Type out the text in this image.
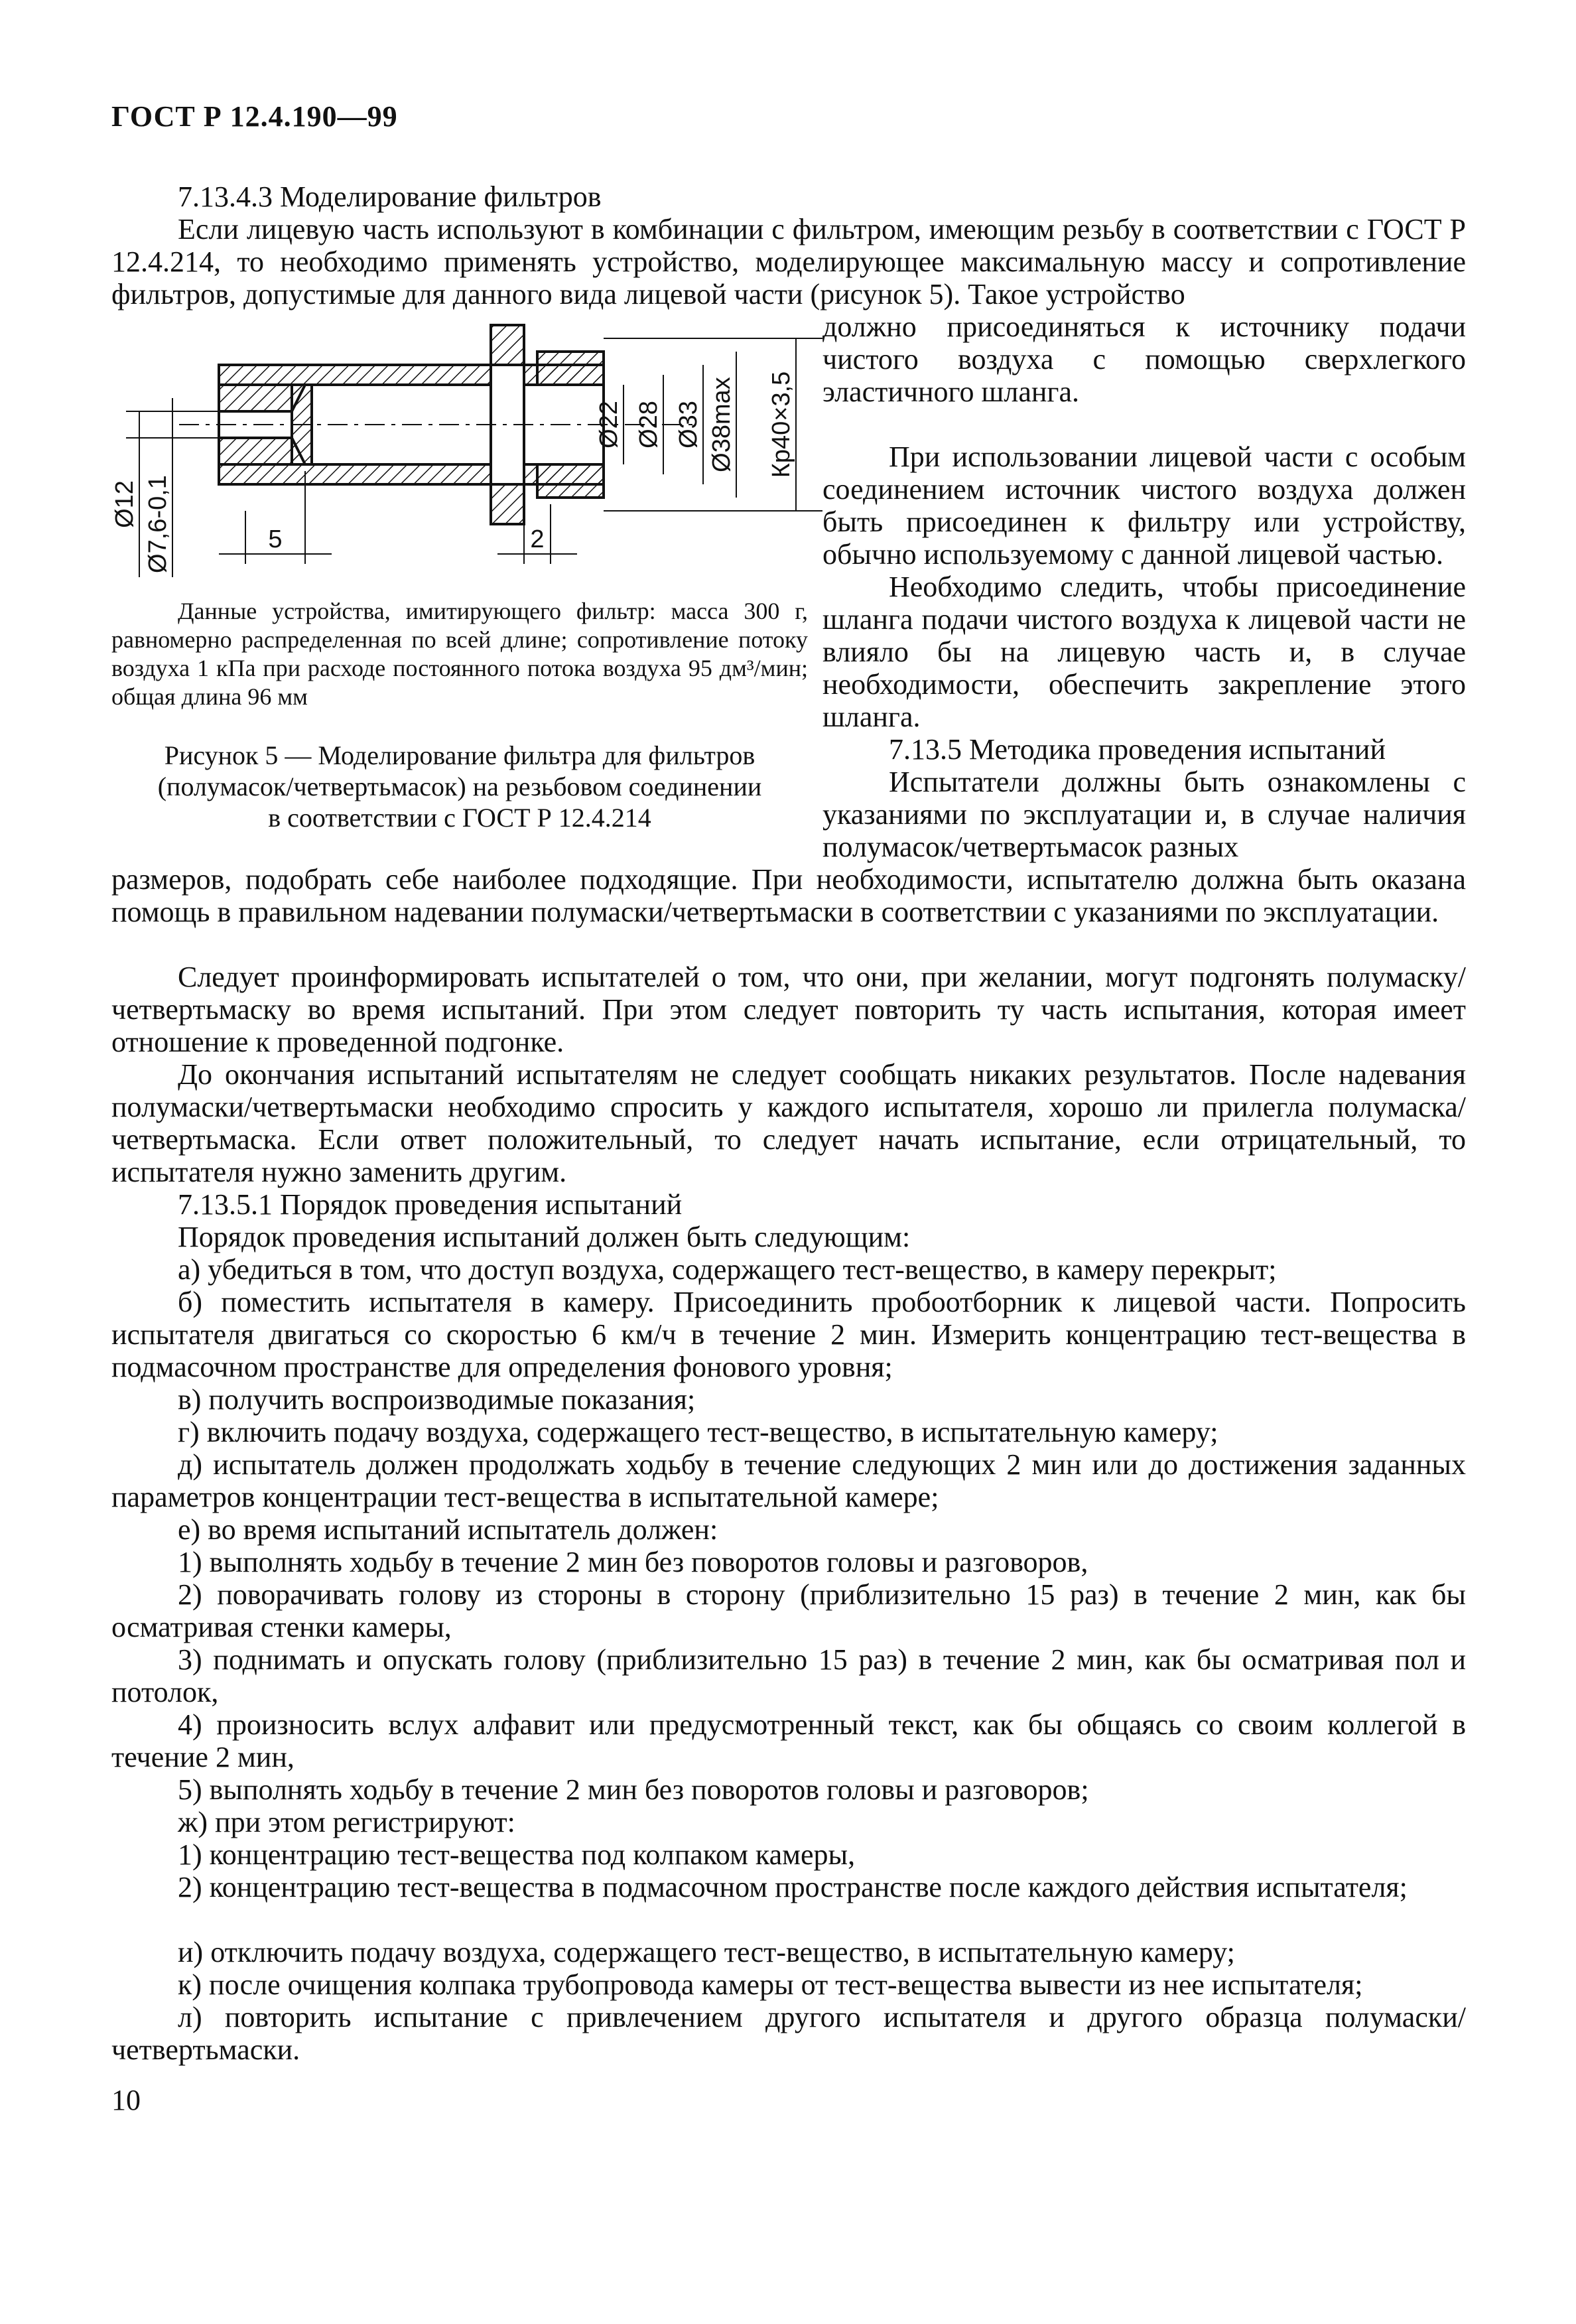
ГОСТ Р 12.4.190—99
7.13.4.3 Моделирование фильтров
Если лицевую часть используют в комбинации с фильтром, имеющим резьбу в соответствии с ГОСТ Р 12.4.214, то необходимо применять устройство, моделирующее максимальную массу и сопротивление фильтров, допустимые для данного вида лицевой части (рисунок 5). Такое устройство
должно присоединяться к источнику подачи чистого воздуха с помощью сверхлегкого эластичного шланга.
При использовании лицевой части с особым соединением источник чистого воздуха должен быть присоединен к фильтру или устройству, обычно используемому с данной лицевой частью.
Необходимо следить, чтобы присоединение шланга подачи чистого воздуха к лицевой части не влияло бы на лицевую часть и, в случае необходимости, обеспечить закрепление этого шланга.
Ø12 Ø7,6-0,1
Ø22 Ø28 Ø33 Ø38max Кр40×3,5
5	2
Данные устройства, имитирующего фильтр: масса 300 г, равномерно распределенная по всей длине; сопротивление потоку воздуха 1 кПа при расходе постоянного потока воздуха 95 дм³/мин; общая длина 96 мм
Рисунок 5 — Моделирование фильтра для фильтров
(полумасок/четвертьмасок) на резьбовом соединении
в соответствии с ГОСТ Р 12.4.214
7.13.5 Методика проведения испытаний
Испытатели должны быть ознакомлены с указаниями по эксплуатации и, в случае наличия полумасок/четвертьмасок разных
размеров, подобрать себе наиболее подходящие. При необходимости, испытателю должна быть оказана помощь в правильном надевании полумаски/четвертьмаски в соответствии с указаниями по эксплуатации.
Следует проинформировать испытателей о том, что они, при желании, могут подгонять полумаску/четвертьмаску во время испытаний. При этом следует повторить ту часть испытания, которая имеет отношение к проведенной подгонке.
До окончания испытаний испытателям не следует сообщать никаких результатов. После надевания полумаски/четвертьмаски необходимо спросить у каждого испытателя, хорошо ли прилегла полумаска/четвертьмаска. Если ответ положительный, то следует начать испытание, если отрицательный, то испытателя нужно заменить другим.
7.13.5.1 Порядок проведения испытаний
Порядок проведения испытаний должен быть следующим:
а) убедиться в том, что доступ воздуха, содержащего тест-вещество, в камеру перекрыт;
б) поместить испытателя в камеру. Присоединить пробоотборник к лицевой части. Попросить испытателя двигаться со скоростью 6 км/ч в течение 2 мин. Измерить концентрацию тест-вещества в подмасочном пространстве для определения фонового уровня;
в) получить воспроизводимые показания;
г) включить подачу воздуха, содержащего тест-вещество, в испытательную камеру;
д) испытатель должен продолжать ходьбу в течение следующих 2 мин или до достижения заданных параметров концентрации тест-вещества в испытательной камере;
е) во время испытаний испытатель должен:
1) выполнять ходьбу в течение 2 мин без поворотов головы и разговоров,
2) поворачивать голову из стороны в сторону (приблизительно 15 раз) в течение 2 мин, как бы осматривая стенки камеры,
3) поднимать и опускать голову (приблизительно 15 раз) в течение 2 мин, как бы осматривая пол и потолок,
4) произносить вслух алфавит или предусмотренный текст, как бы общаясь со своим коллегой в течение 2 мин,
5) выполнять ходьбу в течение 2 мин без поворотов головы и разговоров;
ж) при этом регистрируют:
1) концентрацию тест-вещества под колпаком камеры,
2) концентрацию тест-вещества в подмасочном пространстве после каждого действия испытателя;
и) отключить подачу воздуха, содержащего тест-вещество, в испытательную камеру;
к) после очищения колпака трубопровода камеры от тест-вещества вывести из нее испытателя;
л) повторить испытание с привлечением другого испытателя и другого образца полумаски/четвертьмаски.
10
